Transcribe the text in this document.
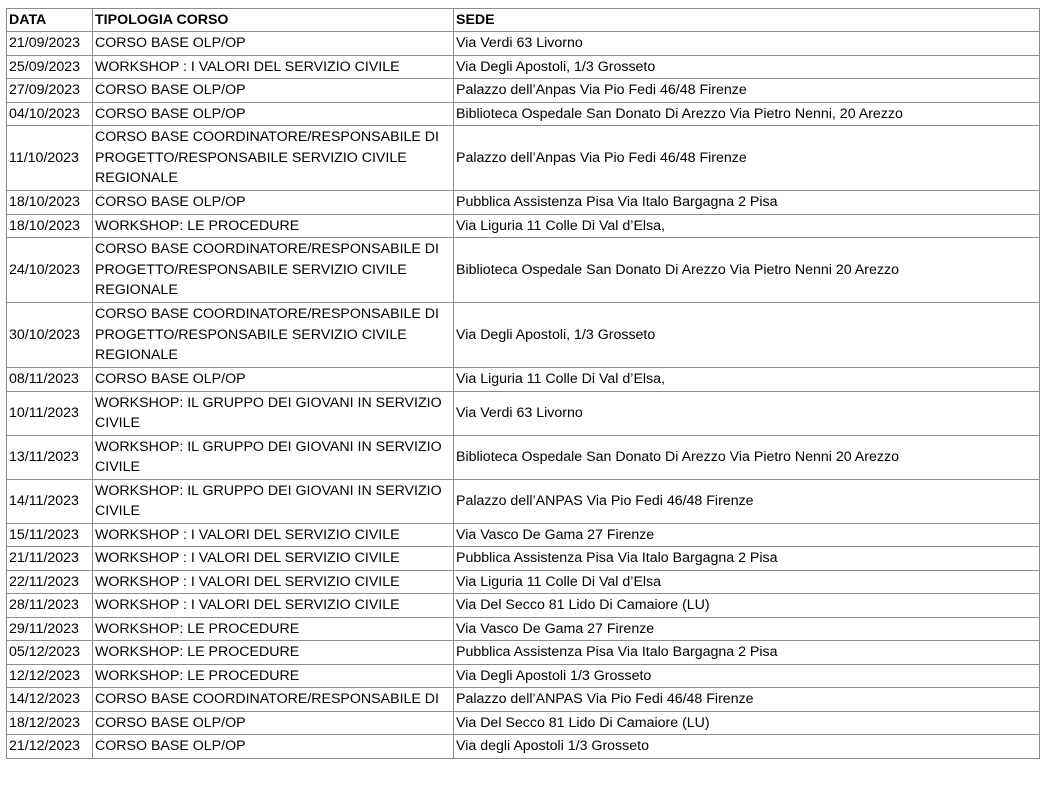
DATA	TIPOLOGIA CORSO	SEDE
21/09/2023	CORSO BASE OLP/OP	Via Verdi 63 Livorno
25/09/2023	WORKSHOP : I VALORI DEL SERVIZIO CIVILE	Via Degli Apostoli, 1/3 Grosseto
27/09/2023	CORSO BASE OLP/OP	Palazzo dell’Anpas Via Pio Fedi 46/48 Firenze
04/10/2023	CORSO BASE OLP/OP	Biblioteca Ospedale San Donato Di Arezzo Via Pietro Nenni, 20 Arezzo
11/10/2023	CORSO BASE COORDINATORE/RESPONSABILE DI PROGETTO/RESPONSABILE SERVIZIO CIVILE REGIONALE	Palazzo dell’Anpas Via Pio Fedi 46/48 Firenze
18/10/2023	CORSO BASE OLP/OP	Pubblica Assistenza Pisa Via Italo Bargagna 2 Pisa
18/10/2023	WORKSHOP: LE PROCEDURE	Via Liguria 11 Colle Di Val d’Elsa,
24/10/2023	CORSO BASE COORDINATORE/RESPONSABILE DI PROGETTO/RESPONSABILE SERVIZIO CIVILE REGIONALE	Biblioteca Ospedale San Donato Di Arezzo Via Pietro Nenni 20 Arezzo
30/10/2023	CORSO BASE COORDINATORE/RESPONSABILE DI PROGETTO/RESPONSABILE SERVIZIO CIVILE REGIONALE	Via Degli Apostoli, 1/3 Grosseto
08/11/2023	CORSO BASE OLP/OP	Via Liguria 11 Colle Di Val d’Elsa,
10/11/2023	WORKSHOP: IL GRUPPO DEI GIOVANI IN SERVIZIO CIVILE	Via Verdi 63 Livorno
13/11/2023	WORKSHOP: IL GRUPPO DEI GIOVANI IN SERVIZIO CIVILE	Biblioteca Ospedale San Donato Di Arezzo Via Pietro Nenni 20 Arezzo
14/11/2023	WORKSHOP: IL GRUPPO DEI GIOVANI IN SERVIZIO CIVILE	Palazzo dell’ANPAS Via Pio Fedi 46/48 Firenze
15/11/2023	WORKSHOP : I VALORI DEL SERVIZIO CIVILE	Via Vasco De Gama 27 Firenze
21/11/2023	WORKSHOP : I VALORI DEL SERVIZIO CIVILE	Pubblica Assistenza Pisa Via Italo Bargagna 2 Pisa
22/11/2023	WORKSHOP : I VALORI DEL SERVIZIO CIVILE	Via Liguria 11 Colle Di Val d’Elsa
28/11/2023	WORKSHOP : I VALORI DEL SERVIZIO CIVILE	Via Del Secco 81 Lido Di Camaiore (LU)
29/11/2023	WORKSHOP: LE PROCEDURE	Via Vasco De Gama 27 Firenze
05/12/2023	WORKSHOP: LE PROCEDURE	Pubblica Assistenza Pisa Via Italo Bargagna 2 Pisa
12/12/2023	WORKSHOP: LE PROCEDURE	Via Degli Apostoli 1/3 Grosseto
14/12/2023	CORSO BASE COORDINATORE/RESPONSABILE DI	Palazzo dell’ANPAS Via Pio Fedi 46/48 Firenze
18/12/2023	CORSO BASE OLP/OP	Via Del Secco 81 Lido Di Camaiore (LU)
21/12/2023	CORSO BASE OLP/OP	Via degli Apostoli 1/3 Grosseto
